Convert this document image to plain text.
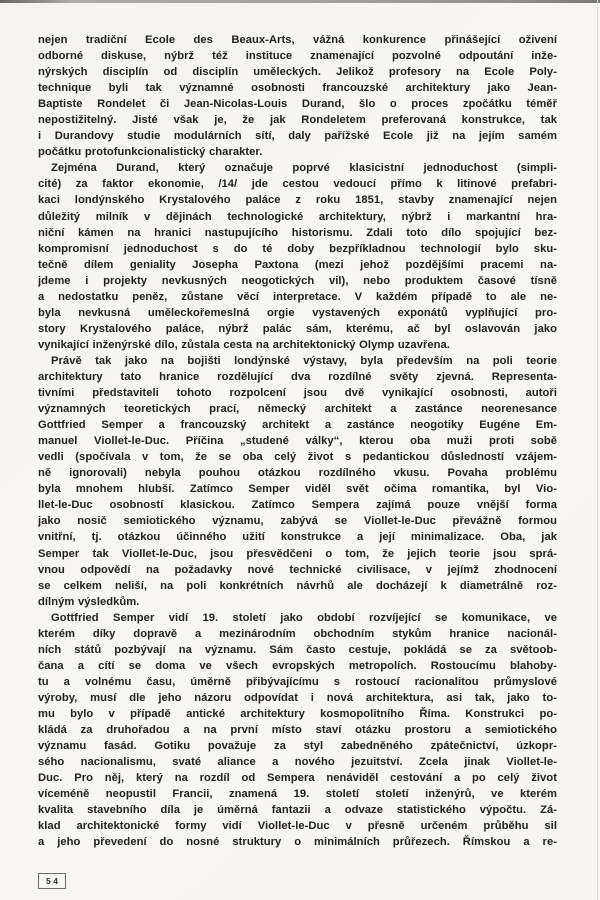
nejen tradiční Ecole des Beaux-Arts, vážná konkurence přinášející oživení
odborné diskuse, nýbrž též instituce znamenající pozvolné odpoutání inže-
nýrských disciplín od disciplín uměleckých. Jelikož profesory na Ecole Poly-
technique byli tak významné osobnosti francouzské architektury jako Jean-
Baptiste Rondelet či Jean-Nicolas-Louis Durand, šlo o proces zpočátku téměř
nepostižitelný. Jisté však je, že jak Rondeletem preferovaná konstrukce, tak
i Durandovy studie modulárních sítí, daly pařížské Ecole již na jejím samém
počátku protofunkcionalistický charakter.
Zejména Durand, který označuje poprvé klasicistní jednoduchost (simpli-
cité) za faktor ekonomie, /14/ jde cestou vedoucí přímo k litinové prefabri-
kaci londýnského Krystalového paláce z roku 1851, stavby znamenající nejen
důležitý milník v dějinách technologické architektury, nýbrž i markantní hra-
niční kámen na hranici nastupujícího historismu. Zdali toto dílo spojující bez-
kompromisní jednoduchost s do té doby bezpříkladnou technologií bylo sku-
tečně dílem geniality Josepha Paxtona (mezi jehož pozdějšími pracemi na-
jdeme i projekty nevkusných neogotických vil), nebo produktem časové tísně
a nedostatku peněz, zůstane věcí interpretace. V každém případě to ale ne-
byla nevkusná uměleckořemeslná orgie vystavených exponátů vyplňující pro-
story Krystalového paláce, nýbrž palác sám, kterému, ač byl oslavován jako
vynikající inženýrské dílo, zůstala cesta na architektonický Olymp uzavřena.
Právě tak jako na bojišti londýnské výstavy, byla především na poli teorie
architektury tato hranice rozdělující dva rozdílné světy zjevná. Representa-
tivními představiteli tohoto rozpolcení jsou dvě vynikající osobnosti, autoři
významných teoretických prací, německý architekt a zastánce neorenesance
Gottfried Semper a francouzský architekt a zastánce neogotiky Eugéne Em-
manuel Viollet-le-Duc. Příčina „studené války“, kterou oba muži proti sobě
vedli (spočívala v tom, že se oba celý život s pedantickou důsledností vzájem-
ně ignorovali) nebyla pouhou otázkou rozdílného vkusu. Povaha problému
byla mnohem hlubší. Zatímco Semper viděl svět očima romantika, byl Vio-
llet-le-Duc osobností klasickou. Zatímco Sempera zajímá pouze vnější forma
jako nosič semiotického významu, zabývá se Viollet-le-Duc převážně formou
vnitřní, tj. otázkou účinného užití konstrukce a její minimalizace. Oba, jak
Semper tak Viollet-le-Duc, jsou přesvědčeni o tom, že jejich teorie jsou sprá-
vnou odpovědí na požadavky nové technické civilisace, v jejímž zhodnocení
se celkem neliší, na poli konkrétních návrhů ale docházejí k diametrálně roz-
dílným výsledkům.
Gottfried Semper vidí 19. století jako období rozvíjející se komunikace, ve
kterém díky dopravě a mezinárodním obchodním stykům hranice nacionál-
ních států pozbývají na významu. Sám často cestuje, pokládá se za světoob-
čana a cítí se doma ve všech evropských metropolích. Rostoucímu blahoby-
tu a volnému času, úměrně přibývajícímu s rostoucí racionalitou průmyslové
výroby, musí dle jeho názoru odpovídat i nová architektura, asi tak, jako to-
mu bylo v případě antické architektury kosmopolitního Říma. Konstrukci po-
kládá za druhořadou a na první místo staví otázku prostoru a semiotického
významu fasád. Gotiku považuje za styl zabedněného zpátečnictví, úzkopr-
sého nacionalismu, svaté aliance a nového jezuitství. Zcela jinak Viollet-le-
Duc. Pro něj, který na rozdíl od Sempera nenáviděl cestování a po celý život
víceméně neopustil Francii, znamená 19. století století inženýrů, ve kterém
kvalita stavebního díla je úměrná fantazii a odvaze statistického výpočtu. Zá-
klad architektonické formy vidí Viollet-le-Duc v přesně určeném průběhu sil
a jeho převedení do nosné struktury o minimálních průřezech. Římskou a re-
54
